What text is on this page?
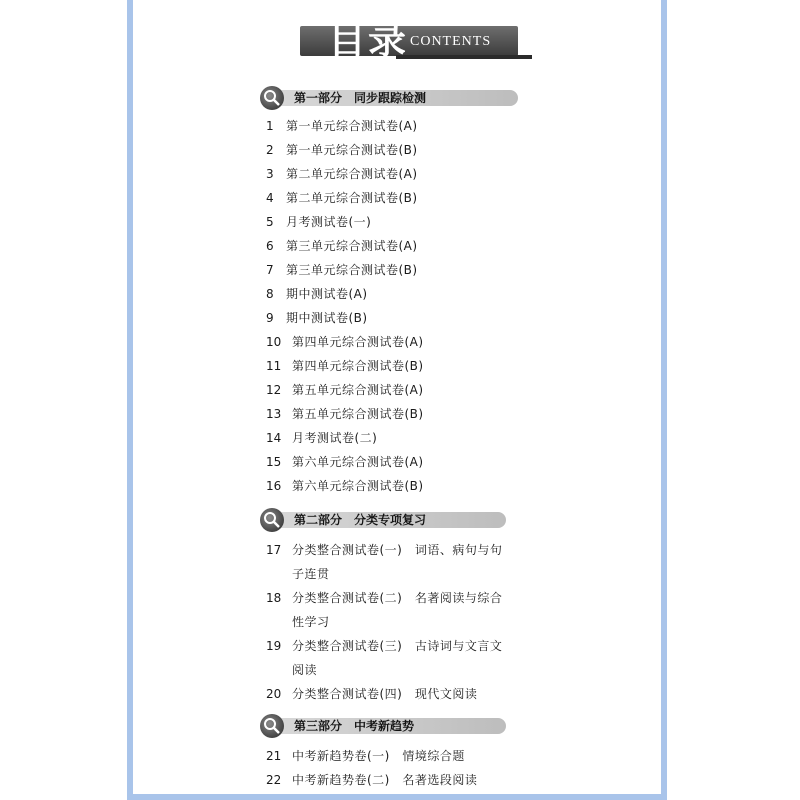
目录 CONTENTS
第一部分　同步跟踪检测
第二部分　分类专项复习
第三部分　中考新趋势
1 第一单元综合测试卷(A)
2 第一单元综合测试卷(B)
3 第二单元综合测试卷(A)
4 第二单元综合测试卷(B)
5 月考测试卷(一)
6 第三单元综合测试卷(A)
7 第三单元综合测试卷(B)
8 期中测试卷(A)
9 期中测试卷(B)
10 第四单元综合测试卷(A)
11 第四单元综合测试卷(B)
12 第五单元综合测试卷(A)
13 第五单元综合测试卷(B)
14 月考测试卷(二)
15 第六单元综合测试卷(A)
16 第六单元综合测试卷(B)
17 分类整合测试卷(一)　词语、病句与句
子连贯
18 分类整合测试卷(二)　名著阅读与综合
性学习
19 分类整合测试卷(三)　古诗词与文言文
阅读
20 分类整合测试卷(四)　现代文阅读
21 中考新趋势卷(一)　情境综合题
22 中考新趋势卷(二)　名著选段阅读
